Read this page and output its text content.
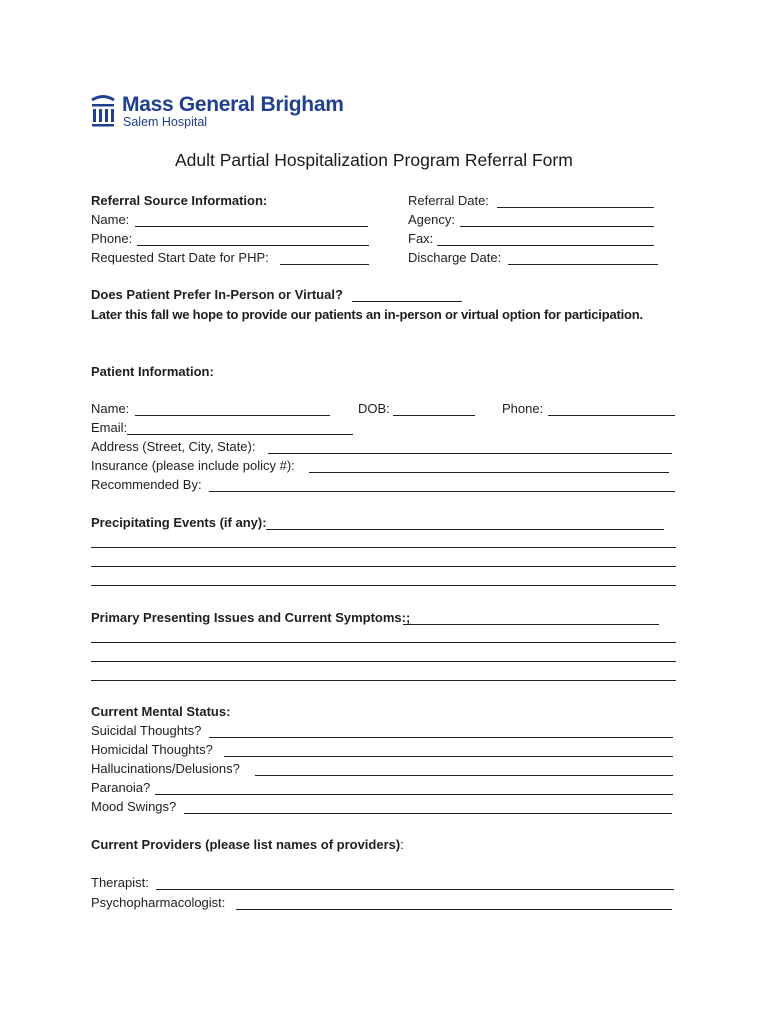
Mass General Brigham
Salem Hospital
Adult Partial Hospitalization Program Referral Form
Referral Source Information:
Name:
Phone:
Requested Start Date for PHP:
Referral Date:
Agency:
Fax:
Discharge Date:
Does Patient Prefer In-Person or Virtual?
Later this fall we hope to provide our patients an in-person or virtual option for participation.
Patient Information:
Name:	DOB:	Phone:
Email:
Address (Street, City, State):
Insurance (please include policy #):
Recommended By:
Precipitating Events (if any):
Primary Presenting Issues and Current Symptoms:;
Current Mental Status:
Suicidal Thoughts?
Homicidal Thoughts?
Hallucinations/Delusions?
Paranoia?
Mood Swings?
Current Providers (please list names of providers):
Therapist:
Psychopharmacologist:
